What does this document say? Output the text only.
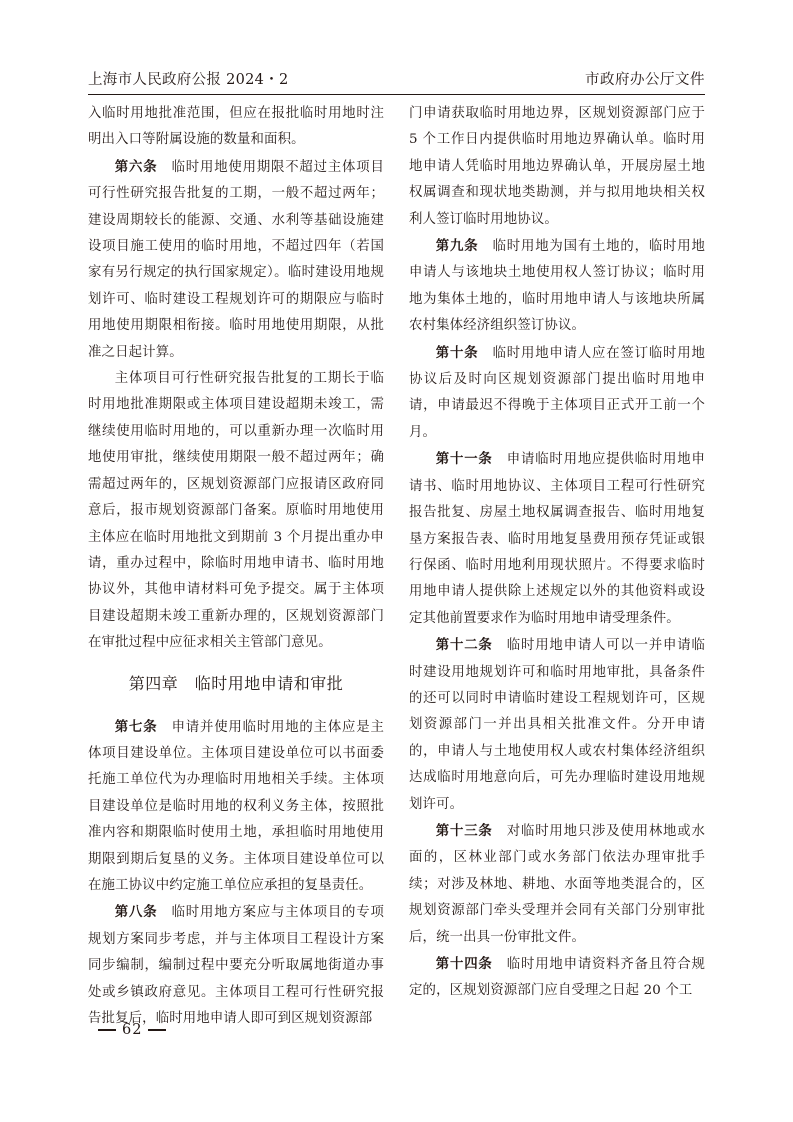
上海市人民政府公报 2024・2	市政府办公厅文件

入临时用地批准范围，但应在报批临时用地时注明出入口等附属设施的数量和面积。

第六条　临时用地使用期限不超过主体项目可行性研究报告批复的工期，一般不超过两年；建设周期较长的能源、交通、水利等基础设施建设项目施工使用的临时用地，不超过四年（若国家有另行规定的执行国家规定）。临时建设用地规划许可、临时建设工程规划许可的期限应与临时用地使用期限相衔接。临时用地使用期限，从批准之日起计算。

主体项目可行性研究报告批复的工期长于临时用地批准期限或主体项目建设超期未竣工，需继续使用临时用地的，可以重新办理一次临时用地使用审批，继续使用期限一般不超过两年；确需超过两年的，区规划资源部门应报请区政府同意后，报市规划资源部门备案。原临时用地使用主体应在临时用地批文到期前 3 个月提出重办申请，重办过程中，除临时用地申请书、临时用地协议外，其他申请材料可免予提交。属于主体项目建设超期未竣工重新办理的，区规划资源部门在审批过程中应征求相关主管部门意见。

第四章　临时用地申请和审批

第七条　申请并使用临时用地的主体应是主体项目建设单位。主体项目建设单位可以书面委托施工单位代为办理临时用地相关手续。主体项目建设单位是临时用地的权利义务主体，按照批准内容和期限临时使用土地，承担临时用地使用期限到期后复垦的义务。主体项目建设单位可以在施工协议中约定施工单位应承担的复垦责任。

第八条　临时用地方案应与主体项目的专项规划方案同步考虑，并与主体项目工程设计方案同步编制，编制过程中要充分听取属地街道办事处或乡镇政府意见。主体项目工程可行性研究报告批复后，临时用地申请人即可到区规划资源部

门申请获取临时用地边界，区规划资源部门应于 5 个工作日内提供临时用地边界确认单。临时用地申请人凭临时用地边界确认单，开展房屋土地权属调查和现状地类勘测，并与拟用地块相关权利人签订临时用地协议。

第九条　临时用地为国有土地的，临时用地申请人与该地块土地使用权人签订协议；临时用地为集体土地的，临时用地申请人与该地块所属农村集体经济组织签订协议。

第十条　临时用地申请人应在签订临时用地协议后及时向区规划资源部门提出临时用地申请，申请最迟不得晚于主体项目正式开工前一个月。

第十一条　申请临时用地应提供临时用地申请书、临时用地协议、主体项目工程可行性研究报告批复、房屋土地权属调查报告、临时用地复垦方案报告表、临时用地复垦费用预存凭证或银行保函、临时用地利用现状照片。不得要求临时用地申请人提供除上述规定以外的其他资料或设定其他前置要求作为临时用地申请受理条件。

第十二条　临时用地申请人可以一并申请临时建设用地规划许可和临时用地审批，具备条件的还可以同时申请临时建设工程规划许可，区规划资源部门一并出具相关批准文件。分开申请的，申请人与土地使用权人或农村集体经济组织达成临时用地意向后，可先办理临时建设用地规划许可。

第十三条　对临时用地只涉及使用林地或水面的，区林业部门或水务部门依法办理审批手续；对涉及林地、耕地、水面等地类混合的，区规划资源部门牵头受理并会同有关部门分别审批后，统一出具一份审批文件。

第十四条　临时用地申请资料齐备且符合规定的，区规划资源部门应自受理之日起 20 个工

62
